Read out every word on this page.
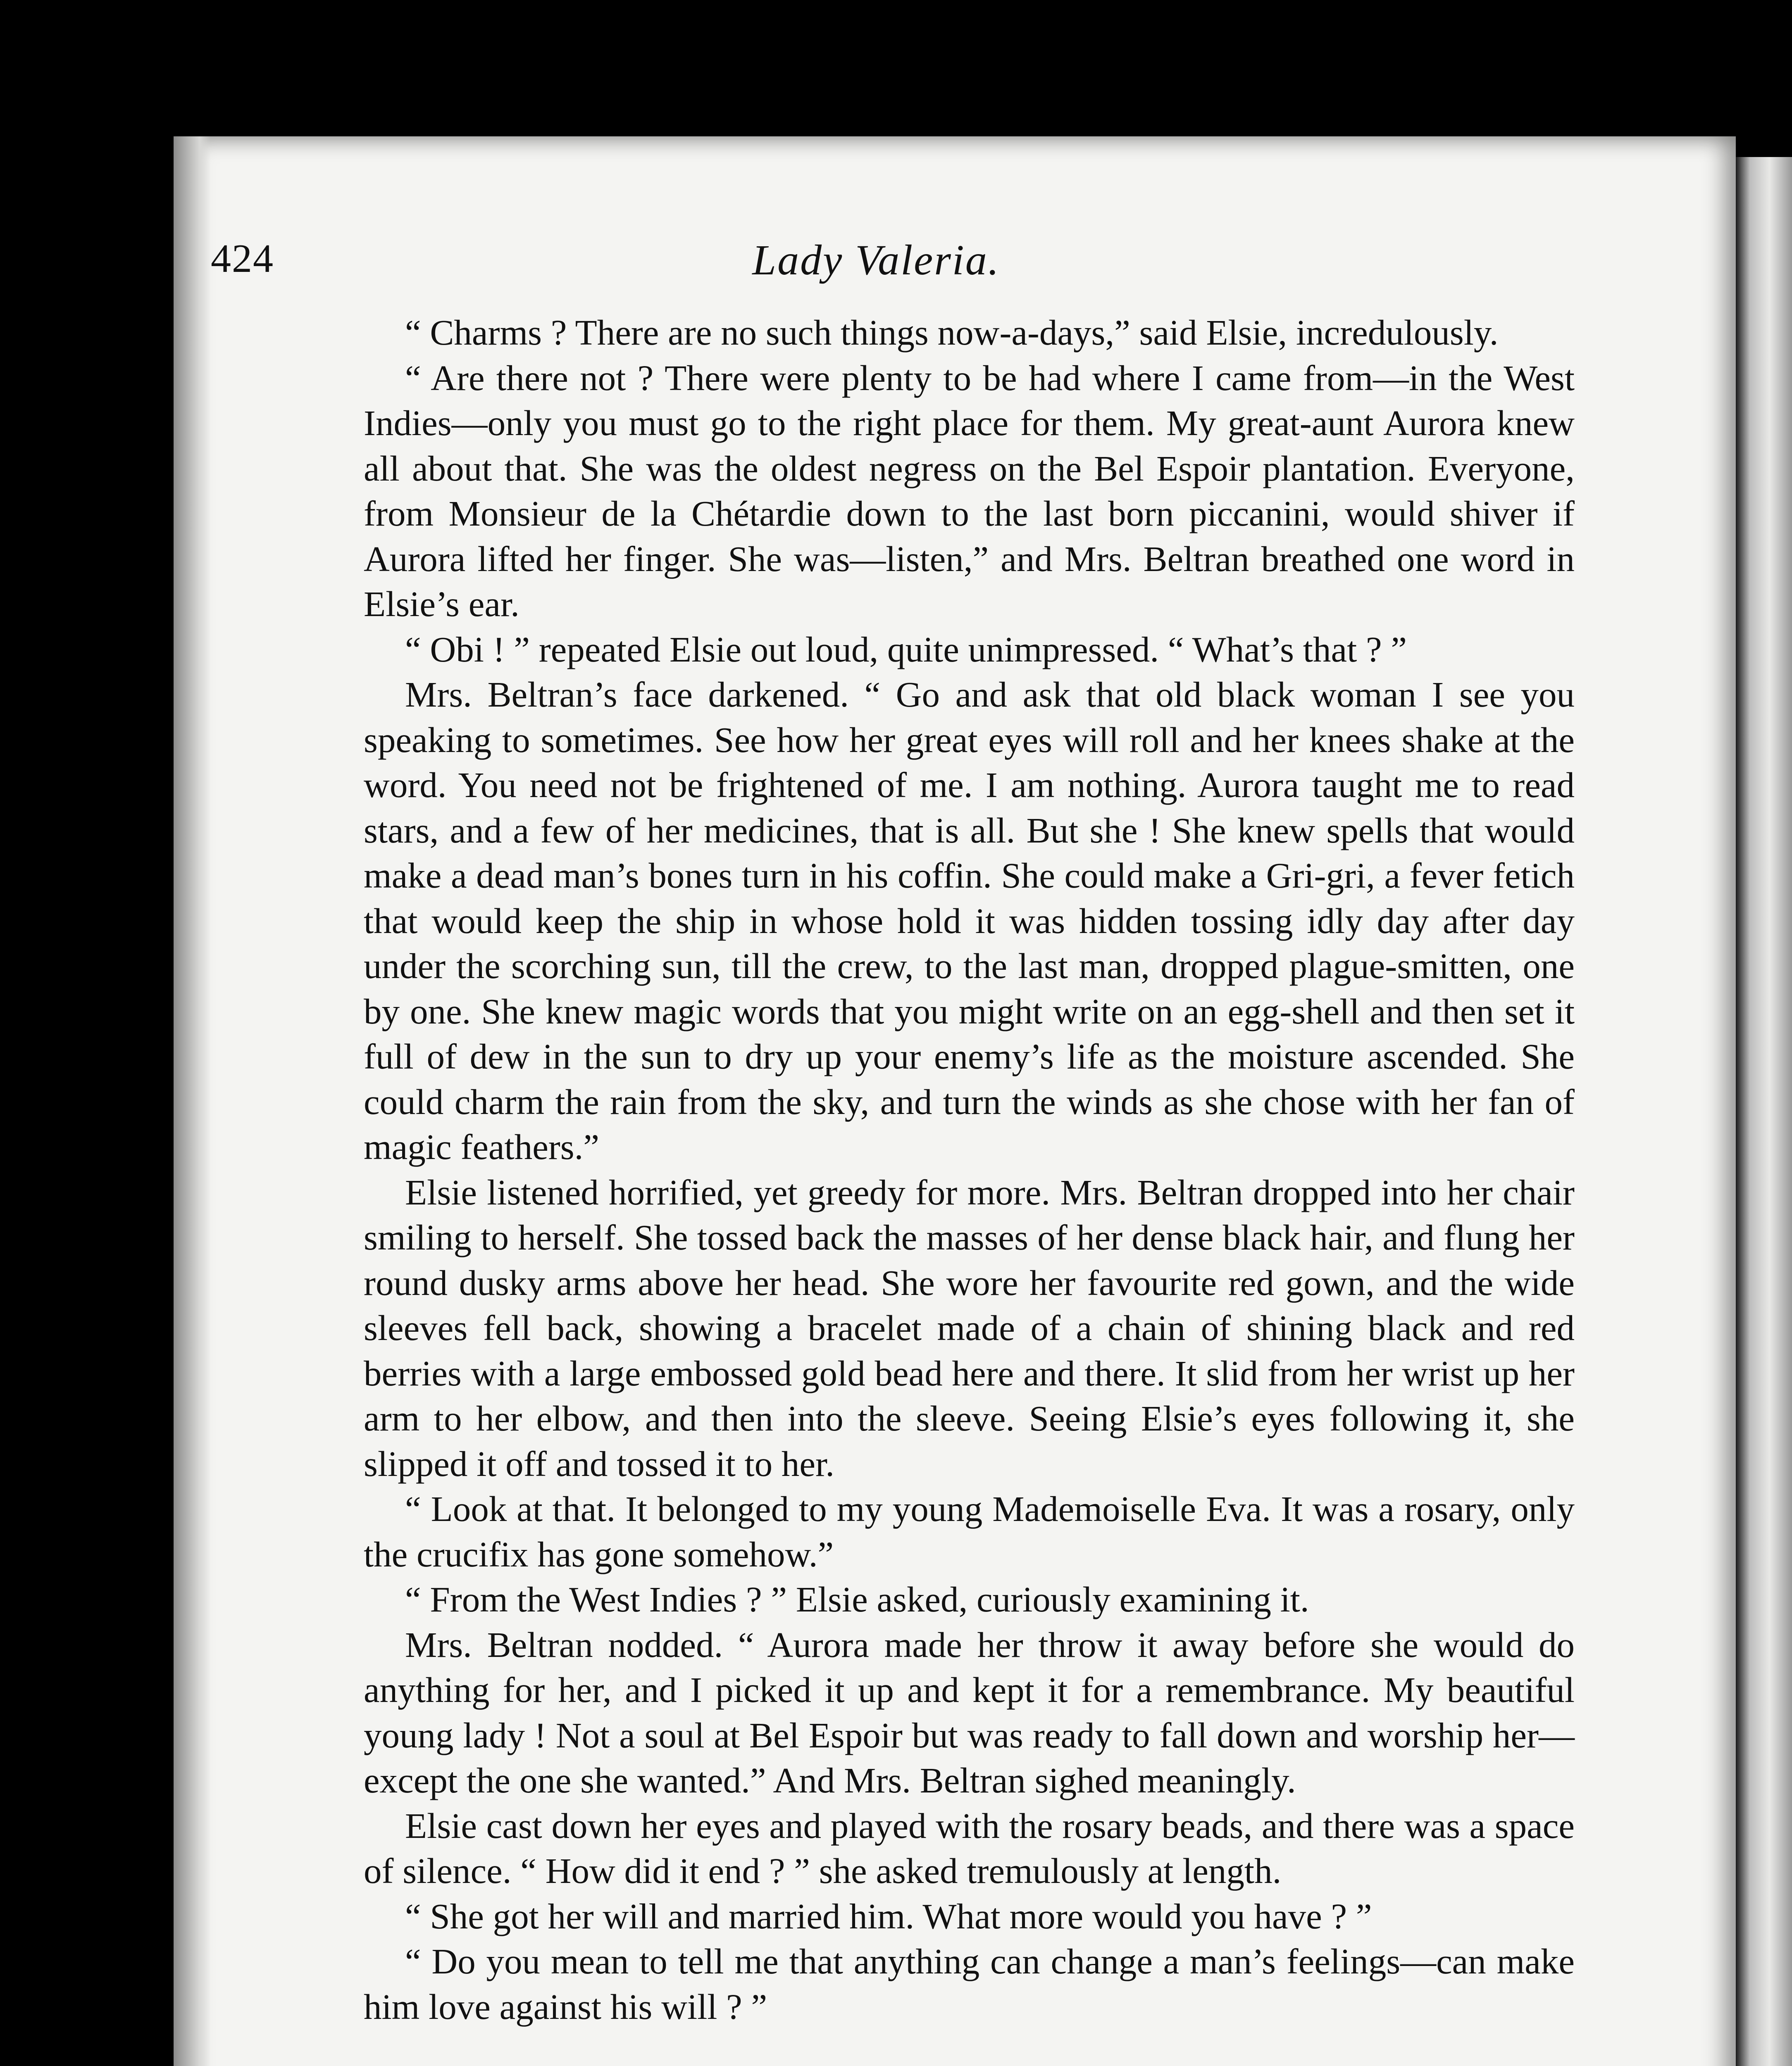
424	Lady Valeria.

“ Charms ? There are no such things now-a-days,” said Elsie, incredulously.

“ Are there not ? There were plenty to be had where I came from—in the West Indies—only you must go to the right place for them. My great-aunt Aurora knew all about that. She was the oldest negress on the Bel Espoir plantation. Everyone, from Monsieur de la Chétardie down to the last born piccanini, would shiver if Aurora lifted her finger. She was—listen,” and Mrs. Beltran breathed one word in Elsie’s ear.

“ Obi ! ” repeated Elsie out loud, quite unimpressed. “ What’s that ? ”

Mrs. Beltran’s face darkened. “ Go and ask that old black woman I see you speaking to sometimes. See how her great eyes will roll and her knees shake at the word. You need not be frightened of me. I am nothing. Aurora taught me to read stars, and a few of her medicines, that is all. But she ! She knew spells that would make a dead man’s bones turn in his coffin. She could make a Gri-gri, a fever fetich that would keep the ship in whose hold it was hidden tossing idly day after day under the scorching sun, till the crew, to the last man, dropped plague-smitten, one by one. She knew magic words that you might write on an egg-shell and then set it full of dew in the sun to dry up your enemy’s life as the moisture ascended. She could charm the rain from the sky, and turn the winds as she chose with her fan of magic feathers.”

Elsie listened horrified, yet greedy for more. Mrs. Beltran dropped into her chair smiling to herself. She tossed back the masses of her dense black hair, and flung her round dusky arms above her head. She wore her favourite red gown, and the wide sleeves fell back, showing a bracelet made of a chain of shining black and red berries with a large embossed gold bead here and there. It slid from her wrist up her arm to her elbow, and then into the sleeve. Seeing Elsie’s eyes following it, she slipped it off and tossed it to her.

“ Look at that. It belonged to my young Mademoiselle Eva. It was a rosary, only the crucifix has gone somehow.”

“ From the West Indies ? ” Elsie asked, curiously examining it.

Mrs. Beltran nodded. “ Aurora made her throw it away before she would do anything for her, and I picked it up and kept it for a remembrance. My beautiful young lady ! Not a soul at Bel Espoir but was ready to fall down and worship her—except the one she wanted.” And Mrs. Beltran sighed meaningly.

Elsie cast down her eyes and played with the rosary beads, and there was a space of silence. “ How did it end ? ” she asked tremulously at length.

“ She got her will and married him. What more would you have ? ”

“ Do you mean to tell me that anything can change a man’s feelings—can make him love against his will ? ”
